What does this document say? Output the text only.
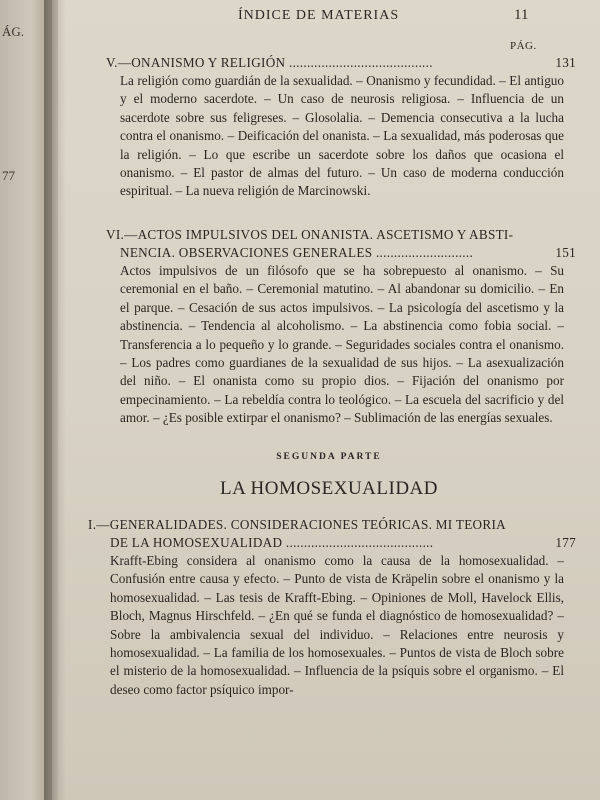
ÁG.
77
ÍNDICE DE MATERIAS	11
PÁG.
V.—ONANISMO Y RELIGIÓN ........................................	131

La religión como guardián de la sexualidad. – Onanismo y fecundidad. – El antiguo y el moderno sacerdote. – Un caso de neurosis religiosa. – Influencia de un sacerdote sobre sus feligreses. – Glosolalia. – Demencia consecutiva a la lucha contra el onanismo. – Deificación del onanista. – La sexualidad, más poderosas que la religión. – Lo que escribe un sacerdote sobre los daños que ocasiona el onanismo. – El pastor de almas del futuro. – Un caso de moderna conducción espiritual. – La nueva religión de Marcinowski.

VI.—ACTOS IMPULSIVOS DEL ONANISTA. ASCETISMO Y ABSTI-
NENCIA. OBSERVACIONES GENERALES ...........................	151

Actos impulsivos de un filósofo que se ha sobrepuesto al onanismo. – Su ceremonial en el baño. – Ceremonial matutino. – Al abandonar su domicilio. – En el parque. – Cesación de sus actos impulsivos. – La psicología del ascetismo y la abstinencia. – Tendencia al alcoholismo. – La abstinencia como fobia social. – Transferencia a lo pequeño y lo grande. – Seguridades sociales contra el onanismo. – Los padres como guardianes de la sexualidad de sus hijos. – La asexualización del niño. – El onanista como su propio dios. – Fijación del onanismo por empecinamiento. – La rebeldía contra lo teológico. – La escuela del sacrificio y del amor. – ¿Es posible extirpar el onanismo? – Sublimación de las energías sexuales.

SEGUNDA PARTE
LA HOMOSEXUALIDAD
I.—GENERALIDADES. CONSIDERACIONES TEÓRICAS. MI TEORIA
DE LA HOMOSEXUALIDAD .........................................	177

Krafft-Ebing considera al onanismo como la causa de la homosexualidad. – Confusión entre causa y efecto. – Punto de vista de Kräpelin sobre el onanismo y la homosexualidad. – Las tesis de Krafft-Ebing. – Opiniones de Moll, Havelock Ellis, Bloch, Magnus Hirschfeld. – ¿En qué se funda el diagnóstico de homosexualidad? – Sobre la ambivalencia sexual del individuo. – Relaciones entre neurosis y homosexualidad. – La familia de los homosexuales. – Puntos de vista de Bloch sobre el misterio de la homosexualidad. – Influencia de la psíquis sobre el organismo. – El deseo como factor psíquico impor-
